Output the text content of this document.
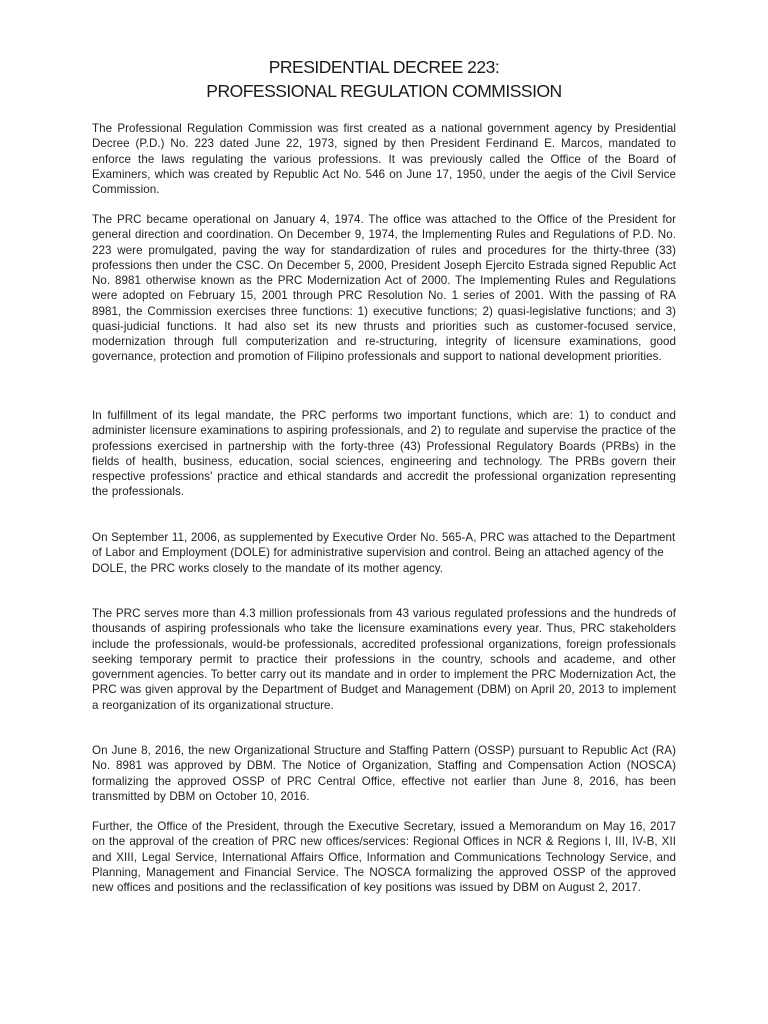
PRESIDENTIAL DECREE 223:
PROFESSIONAL REGULATION COMMISSION

The Professional Regulation Commission was first created as a national government agency by Presidential Decree (P.D.) No. 223 dated June 22, 1973, signed by then President Ferdinand E. Marcos, mandated to enforce the laws regulating the various professions. It was previously called the Office of the Board of Examiners, which was created by Republic Act No. 546 on June 17, 1950, under the aegis of the Civil Service Commission.

The PRC became operational on January 4, 1974. The office was attached to the Office of the President for general direction and coordination. On December 9, 1974, the Implementing Rules and Regulations of P.D. No. 223 were promulgated, paving the way for standardization of rules and procedures for the thirty-three (33) professions then under the CSC. On December 5, 2000, President Joseph Ejercito Estrada signed Republic Act No. 8981 otherwise known as the PRC Modernization Act of 2000. The Implementing Rules and Regulations were adopted on February 15, 2001 through PRC Resolution No. 1 series of 2001. With the passing of RA 8981, the Commission exercises three functions: 1) executive functions; 2) quasi-legislative functions; and 3) quasi-judicial functions. It had also set its new thrusts and priorities such as customer-focused service, modernization through full computerization and re-structuring, integrity of licensure examinations, good governance, protection and promotion of Filipino professionals and support to national development priorities.

In fulfillment of its legal mandate, the PRC performs two important functions, which are: 1) to conduct and administer licensure examinations to aspiring professionals, and 2) to regulate and supervise the practice of the professions exercised in partnership with the forty-three (43) Professional Regulatory Boards (PRBs) in the fields of health, business, education, social sciences, engineering and technology. The PRBs govern their respective professions' practice and ethical standards and accredit the professional organization representing the professionals.

On September 11, 2006, as supplemented by Executive Order No. 565-A, PRC was attached to the Department of Labor and Employment (DOLE) for administrative supervision and control. Being an attached agency of the DOLE, the PRC works closely to the mandate of its mother agency.

The PRC serves more than 4.3 million professionals from 43 various regulated professions and the hundreds of thousands of aspiring professionals who take the licensure examinations every year. Thus, PRC stakeholders include the professionals, would-be professionals, accredited professional organizations, foreign professionals seeking temporary permit to practice their professions in the country, schools and academe, and other government agencies. To better carry out its mandate and in order to implement the PRC Modernization Act, the PRC was given approval by the Department of Budget and Management (DBM) on April 20, 2013 to implement a reorganization of its organizational structure.

On June 8, 2016, the new Organizational Structure and Staffing Pattern (OSSP) pursuant to Republic Act (RA) No. 8981 was approved by DBM. The Notice of Organization, Staffing and Compensation Action (NOSCA) formalizing the approved OSSP of PRC Central Office, effective not earlier than June 8, 2016, has been transmitted by DBM on October 10, 2016.

Further, the Office of the President, through the Executive Secretary, issued a Memorandum on May 16, 2017 on the approval of the creation of PRC new offices/services: Regional Offices in NCR & Regions I, III, IV-B, XII and XIII, Legal Service, International Affairs Office, Information and Communications Technology Service, and Planning, Management and Financial Service. The NOSCA formalizing the approved OSSP of the approved new offices and positions and the reclassification of key positions was issued by DBM on August 2, 2017.
